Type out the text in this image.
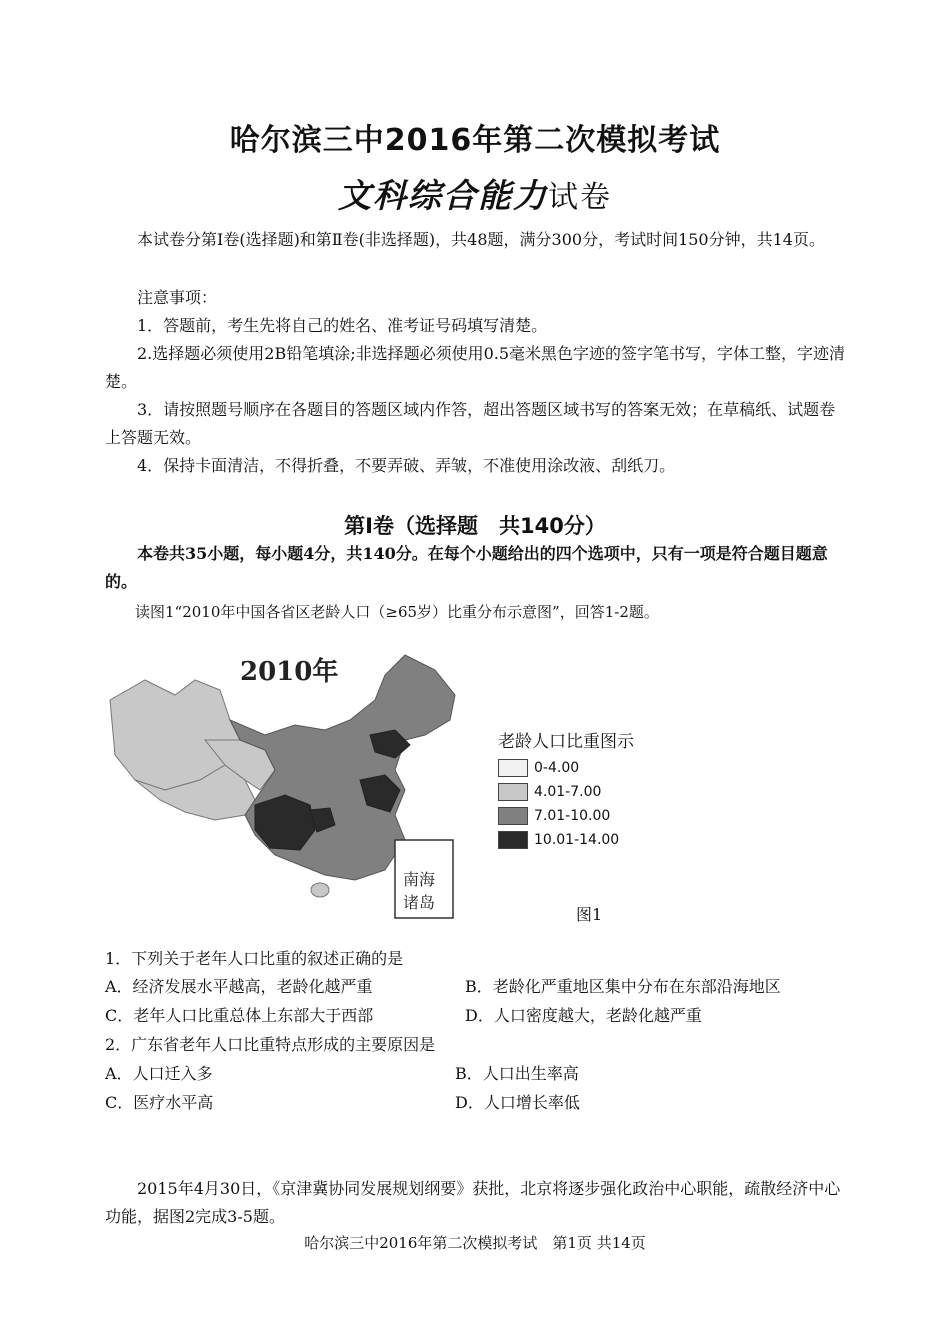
哈尔滨三中2016年第二次模拟考试
文科综合能力试卷
本试卷分第Ⅰ卷(选择题)和第Ⅱ卷(非选择题)，共48题，满分300分，考试时间150分钟，共14页。
注意事项：
1．答题前，考生先将自己的姓名、准考证号码填写清楚。
2.选择题必须使用2B铅笔填涂;非选择题必须使用0.5毫米黑色字迹的签字笔书写，字体工整，字迹清楚。
3．请按照题号顺序在各题目的答题区域内作答，超出答题区域书写的答案无效；在草稿纸、试题卷上答题无效。
4．保持卡面清洁，不得折叠，不要弄破、弄皱，不准使用涂改液、刮纸刀。
第Ⅰ卷（选择题　共140分）
本卷共35小题，每小题4分，共140分。在每个小题给出的四个选项中，只有一项是符合题目题意的。
读图1“2010年中国各省区老龄人口（≥65岁）比重分布示意图”，回答1-2题。
2010年
南海
诸岛
老龄人口比重图示
0-4.00
4.01-7.00
7.01-10.00
10.01-14.00
图1
1．下列关于老年人口比重的叙述正确的是
A．经济发展水平越高，老龄化越严重	B．老龄化严重地区集中分布在东部沿海地区
C．老年人口比重总体上东部大于西部	D．人口密度越大，老龄化越严重
2．广东省老年人口比重特点形成的主要原因是
A．人口迁入多	B．人口出生率高
C．医疗水平高	D．人口增长率低
2015年4月30日，《京津冀协同发展规划纲要》获批，北京将逐步强化政治中心职能，疏散经济中心功能，据图2完成3-5题。
哈尔滨三中2016年第二次模拟考试　第1页 共14页
